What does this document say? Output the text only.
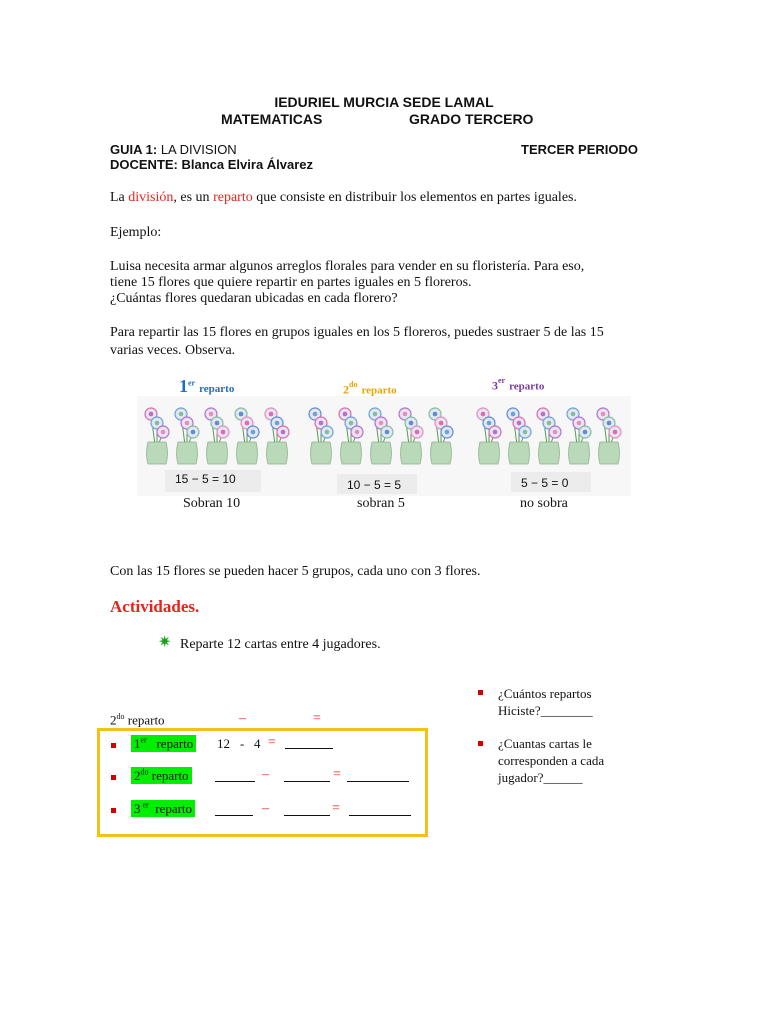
IEDURIEL MURCIA SEDE LAMAL
MATEMATICAS	GRADO TERCERO
GUIA 1: LA DIVISION	TERCER PERIODO
DOCENTE: Blanca Elvira Álvarez
La división, es un reparto que consiste en distribuir los elementos en partes iguales.
Ejemplo:
Luisa necesita armar algunos arreglos florales para vender en su floristería. Para eso,
tiene 15 flores que quiere repartir en partes iguales en 5 floreros.
¿Cuántas flores quedaran ubicadas en cada florero?
Para repartir las 15 flores en grupos iguales en los 5 floreros, puedes sustraer 5 de las 15
varias veces. Observa.
1er reparto	$2^{do}$ reparto	3er reparto
15 − 5 = 10	10 − 5 = 5	5 − 5 = 0
Sobran 10	sobran 5	no sobra
Con las 15 flores se pueden hacer 5 grupos, cada uno con 3 flores.
Actividades.
✷ Reparte 12 cartas entre 4 jugadores.
$2^{do}$ reparto	–	=
1er reparto 12 - 4 =
$2^{do}$ reparto	–	=
3 $^{er}$ reparto	–	=
¿Cuántos repartos
Hiciste?________
¿Cuantas cartas le
corresponden a cada
jugador?______
